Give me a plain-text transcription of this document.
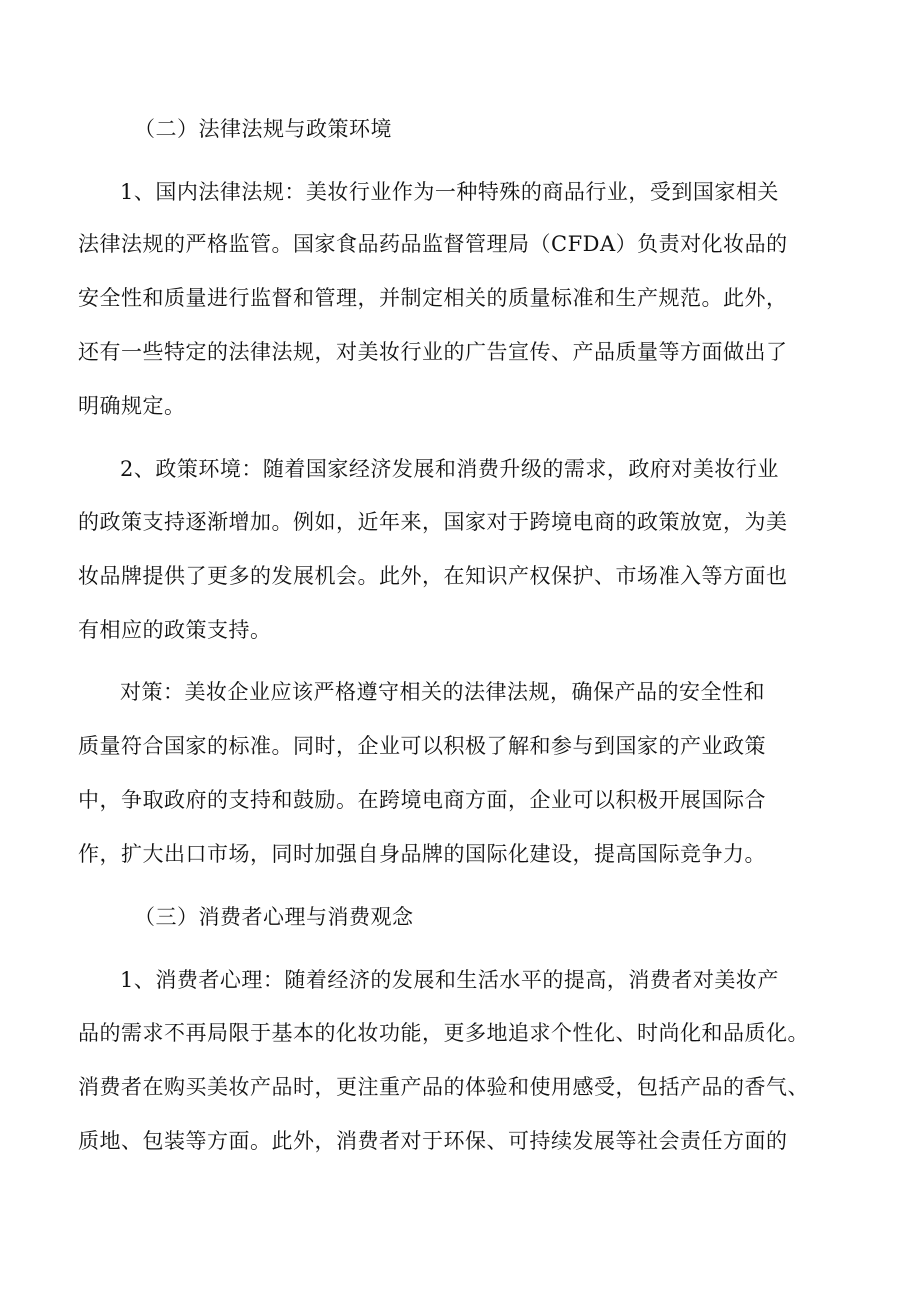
（二）法律法规与政策环境
1、国内法律法规：美妆行业作为一种特殊的商品行业，受到国家相关
法律法规的严格监管。国家食品药品监督管理局（CFDA）负责对化妆品的
安全性和质量进行监督和管理，并制定相关的质量标准和生产规范。此外，
还有一些特定的法律法规，对美妆行业的广告宣传、产品质量等方面做出了
明确规定。
2、政策环境：随着国家经济发展和消费升级的需求，政府对美妆行业
的政策支持逐渐增加。例如，近年来，国家对于跨境电商的政策放宽，为美
妆品牌提供了更多的发展机会。此外，在知识产权保护、市场准入等方面也
有相应的政策支持。
对策：美妆企业应该严格遵守相关的法律法规，确保产品的安全性和
质量符合国家的标准。同时，企业可以积极了解和参与到国家的产业政策
中，争取政府的支持和鼓励。在跨境电商方面，企业可以积极开展国际合
作，扩大出口市场，同时加强自身品牌的国际化建设，提高国际竞争力。
（三）消费者心理与消费观念
1、消费者心理：随着经济的发展和生活水平的提高，消费者对美妆产
品的需求不再局限于基本的化妆功能，更多地追求个性化、时尚化和品质化。
消费者在购买美妆产品时，更注重产品的体验和使用感受，包括产品的香气、
质地、包装等方面。此外，消费者对于环保、可持续发展等社会责任方面的
